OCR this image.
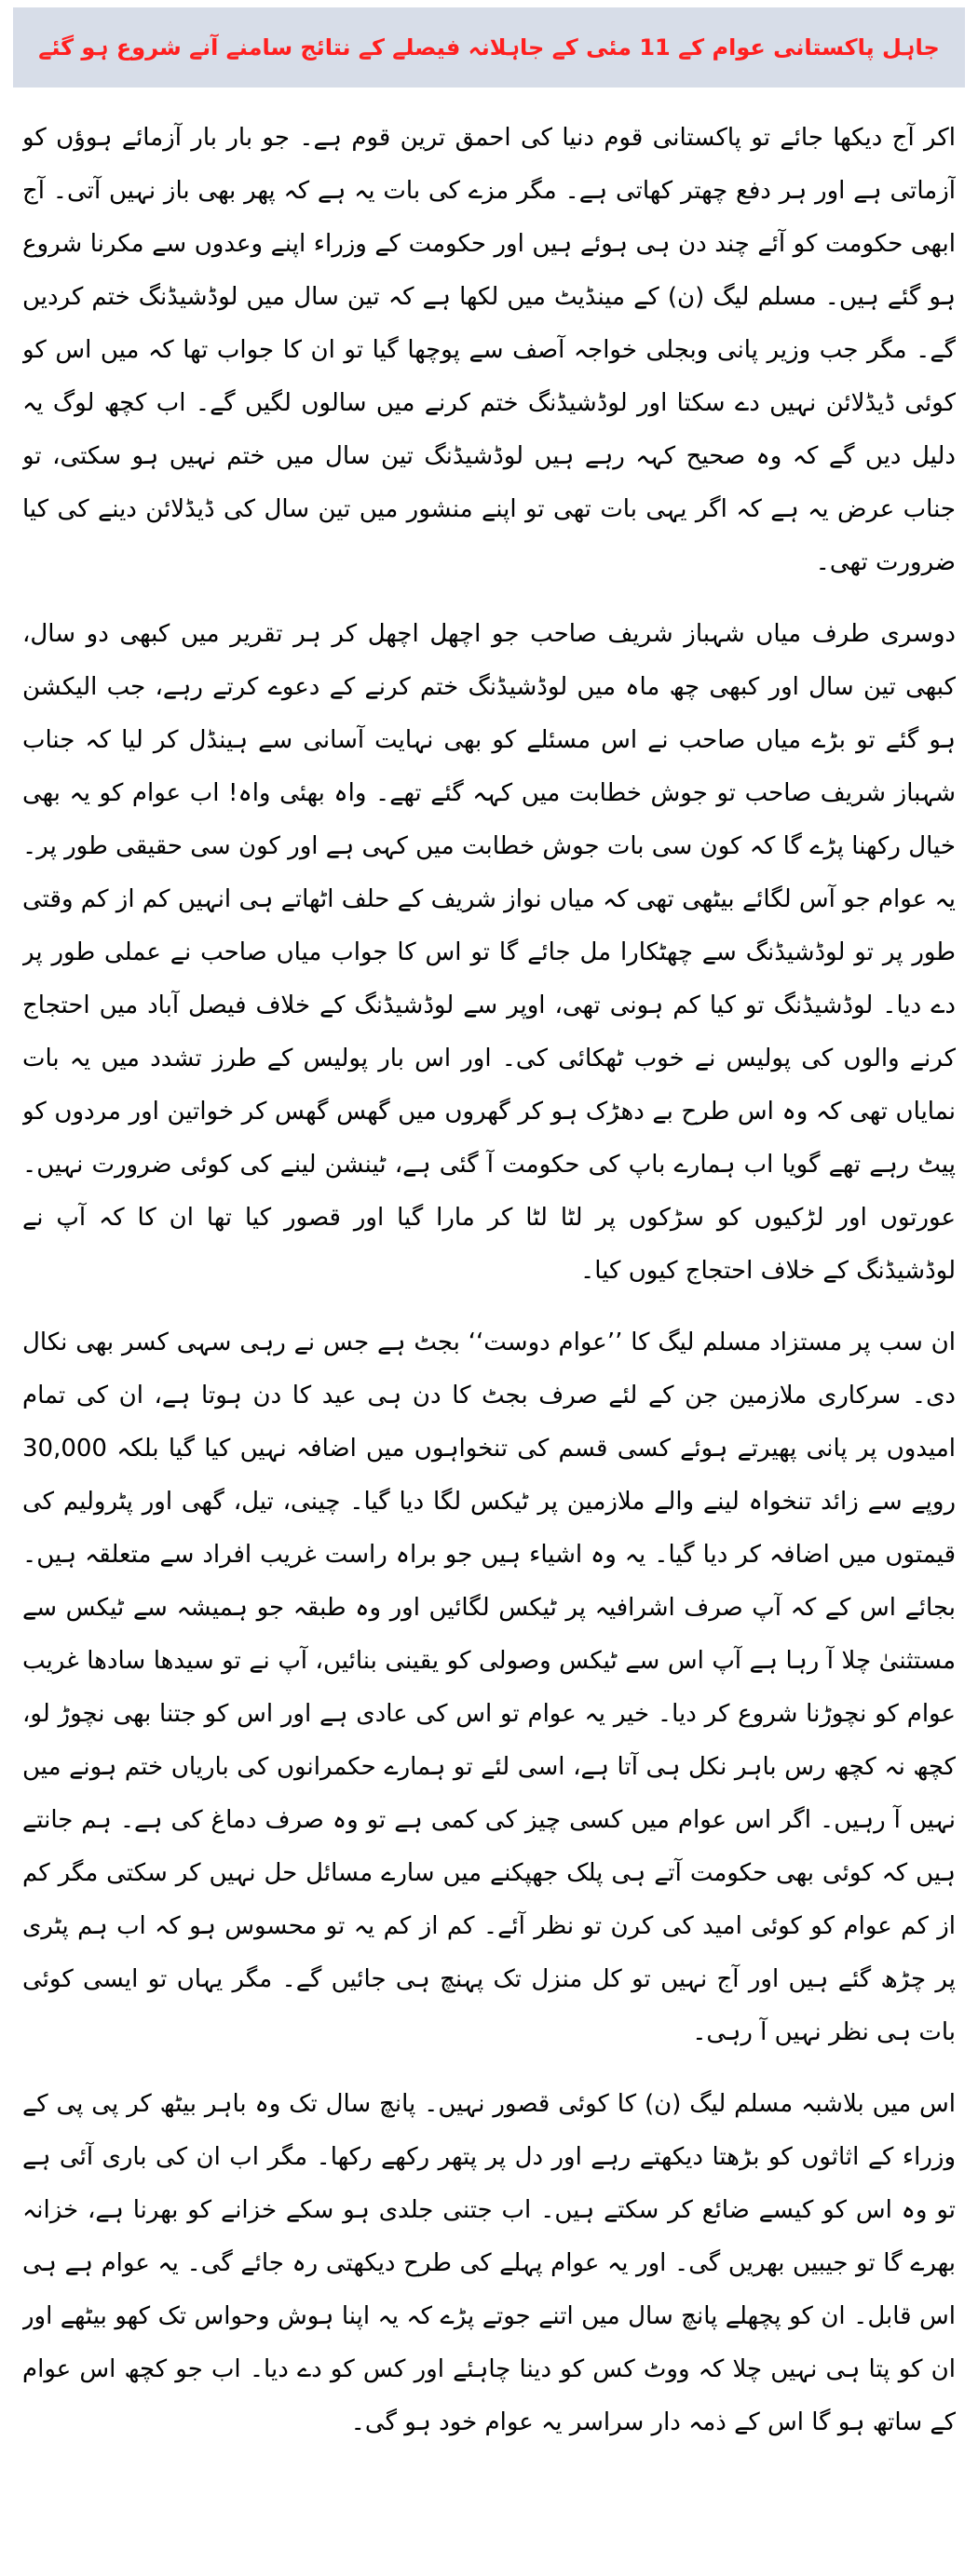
جاہل پاکستانی عوام کے 11 مئی کے جاہلانہ فیصلے کے نتائج سامنے آنے شروع ہو گئے

اکر آج دیکھا جائے تو پاکستانی قوم دنیا کی احمق ترین قوم ہے۔ جو بار بار آزمائے ہوؤں کو آزماتی ہے اور ہر دفع چھتر کھاتی ہے۔ مگر مزے کی بات یہ ہے کہ پھر بھی باز نہیں آتی۔ آج ابھی حکومت کو آئے چند دن ہی ہوئے ہیں اور حکومت کے وزراء اپنے وعدوں سے مکرنا شروع ہو گئے ہیں۔ مسلم لیگ (ن) کے مینڈیٹ میں لکھا ہے کہ تین سال میں لوڈشیڈنگ ختم کردیں گے۔ مگر جب وزیر پانی وبجلی خواجہ آصف سے پوچھا گیا تو ان کا جواب تھا کہ میں اس کو کوئی ڈیڈلائن نہیں دے سکتا اور لوڈشیڈنگ ختم کرنے میں سالوں لگیں گے۔ اب کچھ لوگ یہ دلیل دیں گے کہ وہ صحیح کہہ رہے ہیں لوڈشیڈنگ تین سال میں ختم نہیں ہو سکتی، تو جناب عرض یہ ہے کہ اگر یہی بات تھی تو اپنے منشور میں تین سال کی ڈیڈلائن دینے کی کیا ضرورت تھی۔

دوسری طرف میاں شہباز شریف صاحب جو اچھل اچھل کر ہر تقریر میں کبھی دو سال، کبھی تین سال اور کبھی چھ ماہ میں لوڈشیڈنگ ختم کرنے کے دعوے کرتے رہے، جب الیکشن ہو گئے تو بڑے میاں صاحب نے اس مسئلے کو بھی نہایت آسانی سے ہینڈل کر لیا کہ جناب شہباز شریف صاحب تو جوش خطابت میں کہہ گئے تھے۔ واہ بھئی واہ! اب عوام کو یہ بھی خیال رکھنا پڑے گا کہ کون سی بات جوش خطابت میں کہی ہے اور کون سی حقیقی طور پر۔ یہ عوام جو آس لگائے بیٹھی تھی کہ میاں نواز شریف کے حلف اٹھاتے ہی انہیں کم از کم وقتی طور پر تو لوڈشیڈنگ سے چھٹکارا مل جائے گا تو اس کا جواب میاں صاحب نے عملی طور پر دے دیا۔ لوڈشیڈنگ تو کیا کم ہونی تھی، اوپر سے لوڈشیڈنگ کے خلاف فیصل آباد میں احتجاج کرنے والوں کی پولیس نے خوب ٹھکائی کی۔ اور اس بار پولیس کے طرز تشدد میں یہ بات نمایاں تھی کہ وہ اس طرح بے دھڑک ہو کر گھروں میں گھس گھس کر خواتین اور مردوں کو پیٹ رہے تھے گویا اب ہمارے باپ کی حکومت آ گئی ہے، ٹینشن لینے کی کوئی ضرورت نہیں۔ عورتوں اور لڑکیوں کو سڑکوں پر لٹا لٹا کر مارا گیا اور قصور کیا تھا ان کا کہ آپ نے لوڈشیڈنگ کے خلاف احتجاج کیوں کیا۔

ان سب پر مستزاد مسلم لیگ کا ’’عوام دوست‘‘ بجٹ ہے جس نے رہی سہی کسر بھی نکال دی۔ سرکاری ملازمین جن کے لئے صرف بجٹ کا دن ہی عید کا دن ہوتا ہے، ان کی تمام امیدوں پر پانی پھیرتے ہوئے کسی قسم کی تنخواہوں میں اضافہ نہیں کیا گیا بلکہ 30,000 روپے سے زائد تنخواہ لینے والے ملازمین پر ٹیکس لگا دیا گیا۔ چینی، تیل، گھی اور پٹرولیم کی قیمتوں میں اضافہ کر دیا گیا۔ یہ وہ اشیاء ہیں جو براہ راست غریب افراد سے متعلقہ ہیں۔ بجائے اس کے کہ آپ صرف اشرافیہ پر ٹیکس لگائیں اور وہ طبقہ جو ہمیشہ سے ٹیکس سے مستثنیٰ چلا آ رہا ہے آپ اس سے ٹیکس وصولی کو یقینی بنائیں، آپ نے تو سیدھا سادھا غریب عوام کو نچوڑنا شروع کر دیا۔ خیر یہ عوام تو اس کی عادی ہے اور اس کو جتنا بھی نچوڑ لو، کچھ نہ کچھ رس باہر نکل ہی آتا ہے، اسی لئے تو ہمارے حکمرانوں کی باریاں ختم ہونے میں نہیں آ رہیں۔ اگر اس عوام میں کسی چیز کی کمی ہے تو وہ صرف دماغ کی ہے۔ ہم جانتے ہیں کہ کوئی بھی حکومت آتے ہی پلک جھپکنے میں سارے مسائل حل نہیں کر سکتی مگر کم از کم عوام کو کوئی امید کی کرن تو نظر آئے۔ کم از کم یہ تو محسوس ہو کہ اب ہم پٹری پر چڑھ گئے ہیں اور آج نہیں تو کل منزل تک پہنچ ہی جائیں گے۔ مگر یہاں تو ایسی کوئی بات ہی نظر نہیں آ رہی۔

اس میں بلاشبہ مسلم لیگ (ن) کا کوئی قصور نہیں۔ پانچ سال تک وہ باہر بیٹھ کر پی پی کے وزراء کے اثاثوں کو بڑھتا دیکھتے رہے اور دل پر پتھر رکھے رکھا۔ مگر اب ان کی باری آئی ہے تو وہ اس کو کیسے ضائع کر سکتے ہیں۔ اب جتنی جلدی ہو سکے خزانے کو بھرنا ہے، خزانہ بھرے گا تو جیبیں بھریں گی۔ اور یہ عوام پہلے کی طرح دیکھتی رہ جائے گی۔ یہ عوام ہے ہی اس قابل۔ ان کو پچھلے پانچ سال میں اتنے جوتے پڑے کہ یہ اپنا ہوش وحواس تک کھو بیٹھے اور ان کو پتا ہی نہیں چلا کہ ووٹ کس کو دینا چاہئے اور کس کو دے دیا۔ اب جو کچھ اس عوام کے ساتھ ہو گا اس کے ذمہ دار سراسر یہ عوام خود ہو گی۔
